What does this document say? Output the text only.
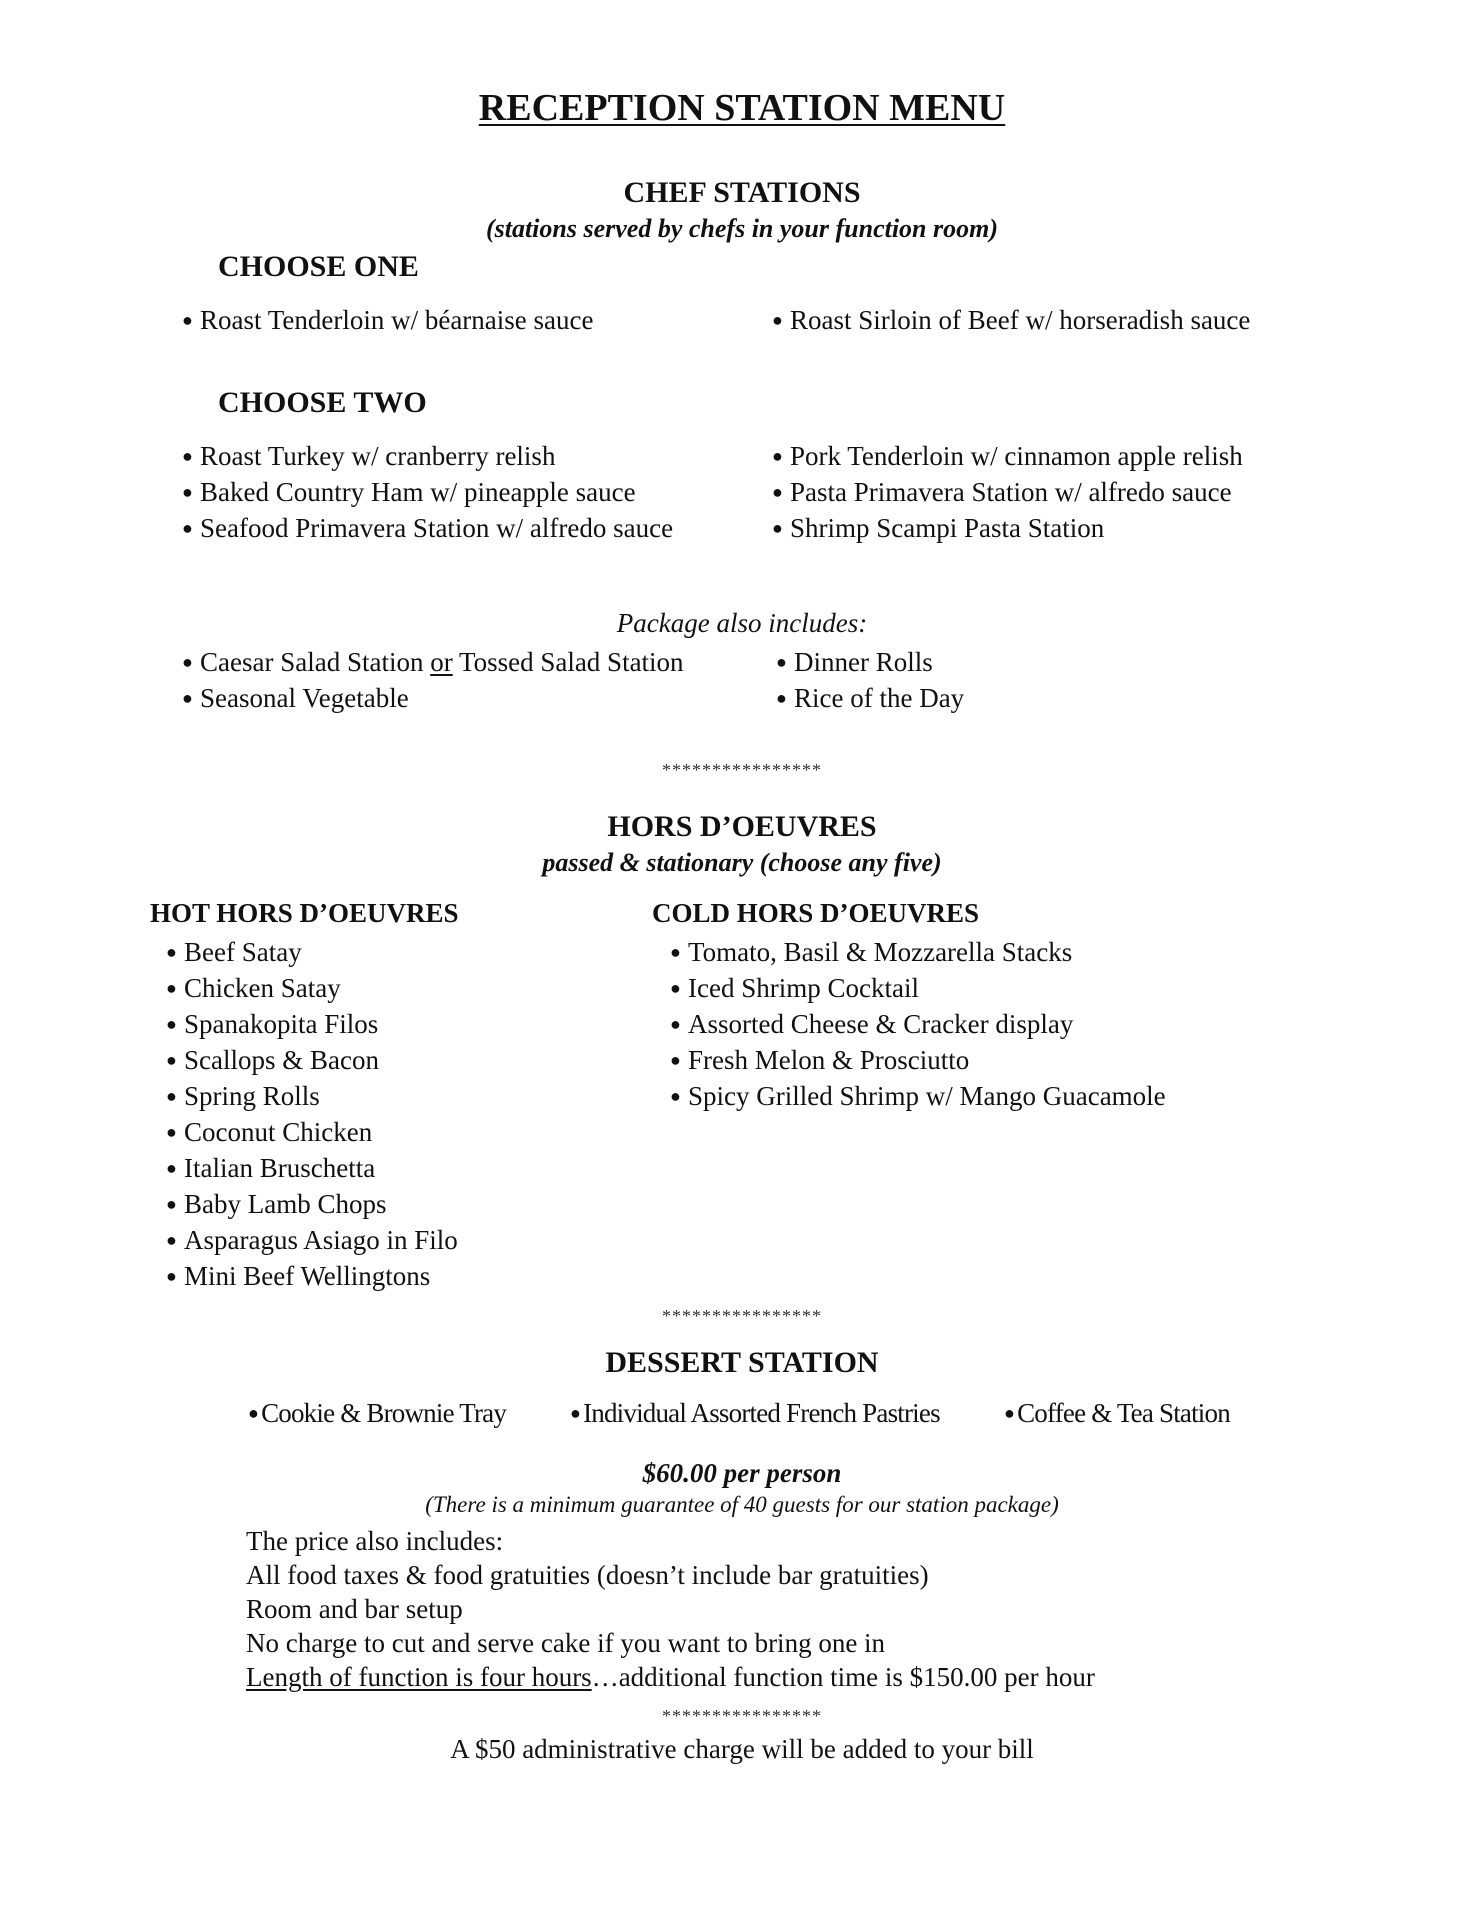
RECEPTION STATION MENU
CHEF STATIONS
(stations served by chefs in your function room)
CHOOSE ONE
● Roast Tenderloin w/ béarnaise sauce	● Roast Sirloin of Beef w/ horseradish sauce
CHOOSE TWO
● Roast Turkey w/ cranberry relish
● Baked Country Ham w/ pineapple sauce
● Seafood Primavera Station w/ alfredo sauce
● Pork Tenderloin w/ cinnamon apple relish
● Pasta Primavera Station w/ alfredo sauce
● Shrimp Scampi Pasta Station
Package also includes:
● Caesar Salad Station or Tossed Salad Station
● Seasonal Vegetable
● Dinner Rolls
● Rice of the Day
****************
HORS D’OEUVRES
passed & stationary (choose any five)
HOT HORS D’OEUVRES	COLD HORS D’OEUVRES
● Beef Satay
● Chicken Satay
● Spanakopita Filos
● Scallops & Bacon
● Spring Rolls
● Coconut Chicken
● Italian Bruschetta
● Baby Lamb Chops
● Asparagus Asiago in Filo
● Mini Beef Wellingtons
● Tomato, Basil & Mozzarella Stacks
● Iced Shrimp Cocktail
● Assorted Cheese & Cracker display
● Fresh Melon & Prosciutto
● Spicy Grilled Shrimp w/ Mango Guacamole
****************
DESSERT STATION
● Cookie & Brownie Tray	● Individual Assorted French Pastries	● Coffee & Tea Station
$60.00 per person
(There is a minimum guarantee of 40 guests for our station package)
The price also includes:
All food taxes & food gratuities (doesn’t include bar gratuities)
Room and bar setup
No charge to cut and serve cake if you want to bring one in
Length of function is four hours…additional function time is $150.00 per hour
****************
A $50 administrative charge will be added to your bill
